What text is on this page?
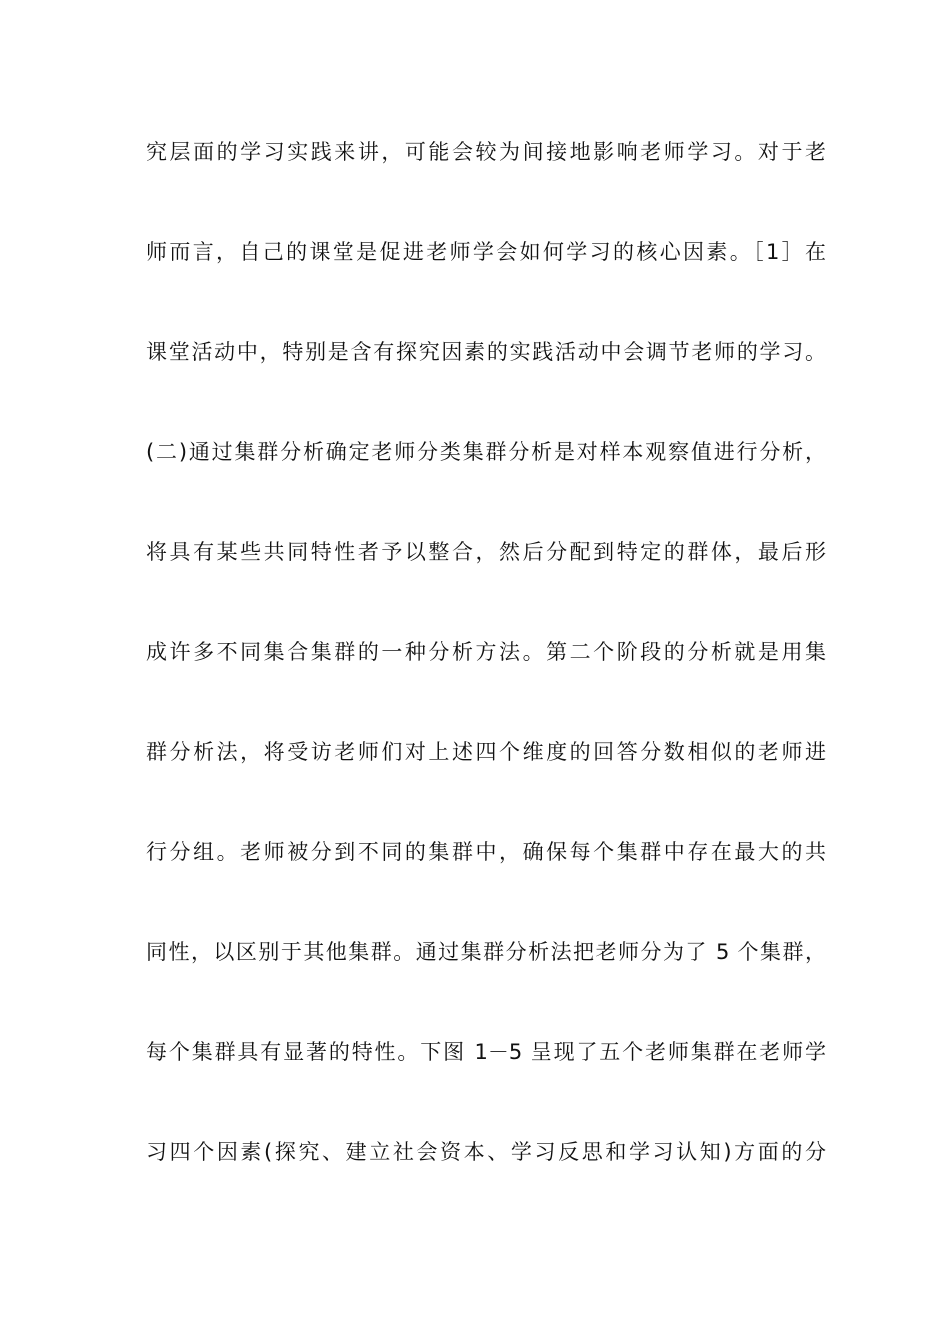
究层面的学习实践来讲，可能会较为间接地影响老师学习。对于老
师而言，自己的课堂是促进老师学会如何学习的核心因素。［1］在
课堂活动中，特别是含有探究因素的实践活动中会调节老师的学习。
(二)通过集群分析确定老师分类集群分析是对样本观察值进行分析，
将具有某些共同特性者予以整合，然后分配到特定的群体，最后形
成许多不同集合集群的一种分析方法。第二个阶段的分析就是用集
群分析法，将受访老师们对上述四个维度的回答分数相似的老师进
行分组。老师被分到不同的集群中，确保每个集群中存在最大的共
同性，以区别于其他集群。通过集群分析法把老师分为了 5 个集群，
每个集群具有显著的特性。下图 1－5 呈现了五个老师集群在老师学
习四个因素(探究、建立社会资本、学习反思和学习认知)方面的分
